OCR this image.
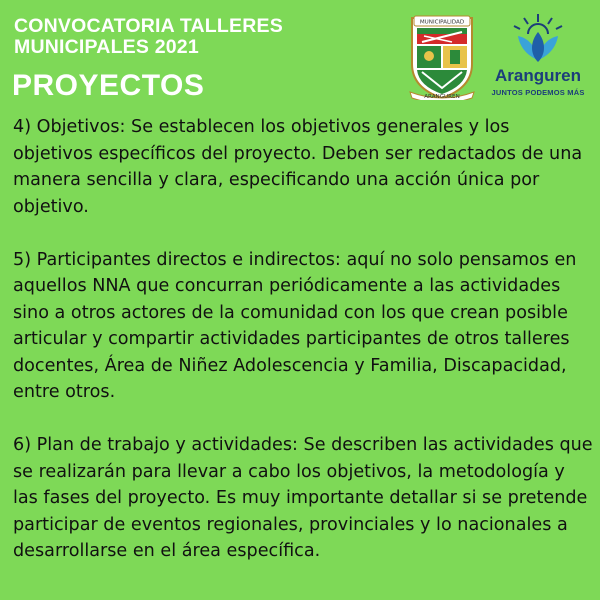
CONVOCATORIA TALLERES
MUNICIPALES 2021
PROYECTOS
MUNICIPALIDAD
ARANGUREN
Aranguren
JUNTOS PODEMOS MÁS

4) Objetivos: Se establecen los objetivos generales y los objetivos específicos del proyecto. Deben ser redactados de una manera sencilla y clara, especificando una acción única por objetivo.

5) Participantes directos e indirectos: aquí no solo pensamos en aquellos NNA que concurran periódicamente a las actividades sino a otros actores de la comunidad con los que crean posible articular y compartir actividades participantes de otros talleres docentes, Área de Niñez Adolescencia y Familia, Discapacidad, entre otros.

6) Plan de trabajo y actividades: Se describen las actividades que se realizarán para llevar a cabo los objetivos, la metodología y las fases del proyecto. Es muy importante detallar si se pretende participar de eventos regionales, provinciales y lo nacionales a desarrollarse en el área específica.
